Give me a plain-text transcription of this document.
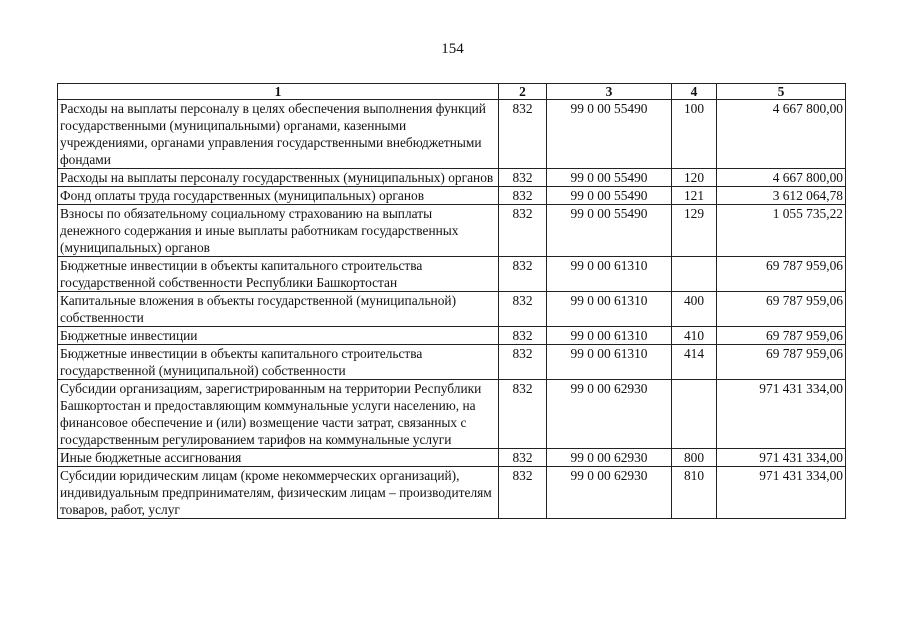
154
1	2	3	4	5
Расходы на выплаты персоналу в целях обеспечения выполнения функций государственными (муниципальными) органами, казенными учреждениями, органами управления государственными внебюджетными фондами	832	99 0 00 55490	100	4 667 800,00
Расходы на выплаты персоналу государственных (муниципальных) органов	832	99 0 00 55490	120	4 667 800,00
Фонд оплаты труда государственных (муниципальных) органов	832	99 0 00 55490	121	3 612 064,78
Взносы по обязательному социальному страхованию на выплаты денежного содержания и иные выплаты работникам государственных (муниципальных) органов	832	99 0 00 55490	129	1 055 735,22
Бюджетные инвестиции в объекты капитального строительства государственной собственности Республики Башкортостан	832	99 0 00 61310		69 787 959,06
Капитальные вложения в объекты государственной (муниципальной) собственности	832	99 0 00 61310	400	69 787 959,06
Бюджетные инвестиции	832	99 0 00 61310	410	69 787 959,06
Бюджетные инвестиции в объекты капитального строительства государственной (муниципальной) собственности	832	99 0 00 61310	414	69 787 959,06
Субсидии организациям, зарегистрированным на территории Республики Башкортостан и предоставляющим коммунальные услуги населению, на финансовое обеспечение и (или) возмещение части затрат, связанных с государственным регулированием тарифов на коммунальные услуги	832	99 0 00 62930		971 431 334,00
Иные бюджетные ассигнования	832	99 0 00 62930	800	971 431 334,00
Субсидии юридическим лицам (кроме некоммерческих организаций), индивидуальным предпринимателям, физическим лицам – производителям товаров, работ, услуг	832	99 0 00 62930	810	971 431 334,00
